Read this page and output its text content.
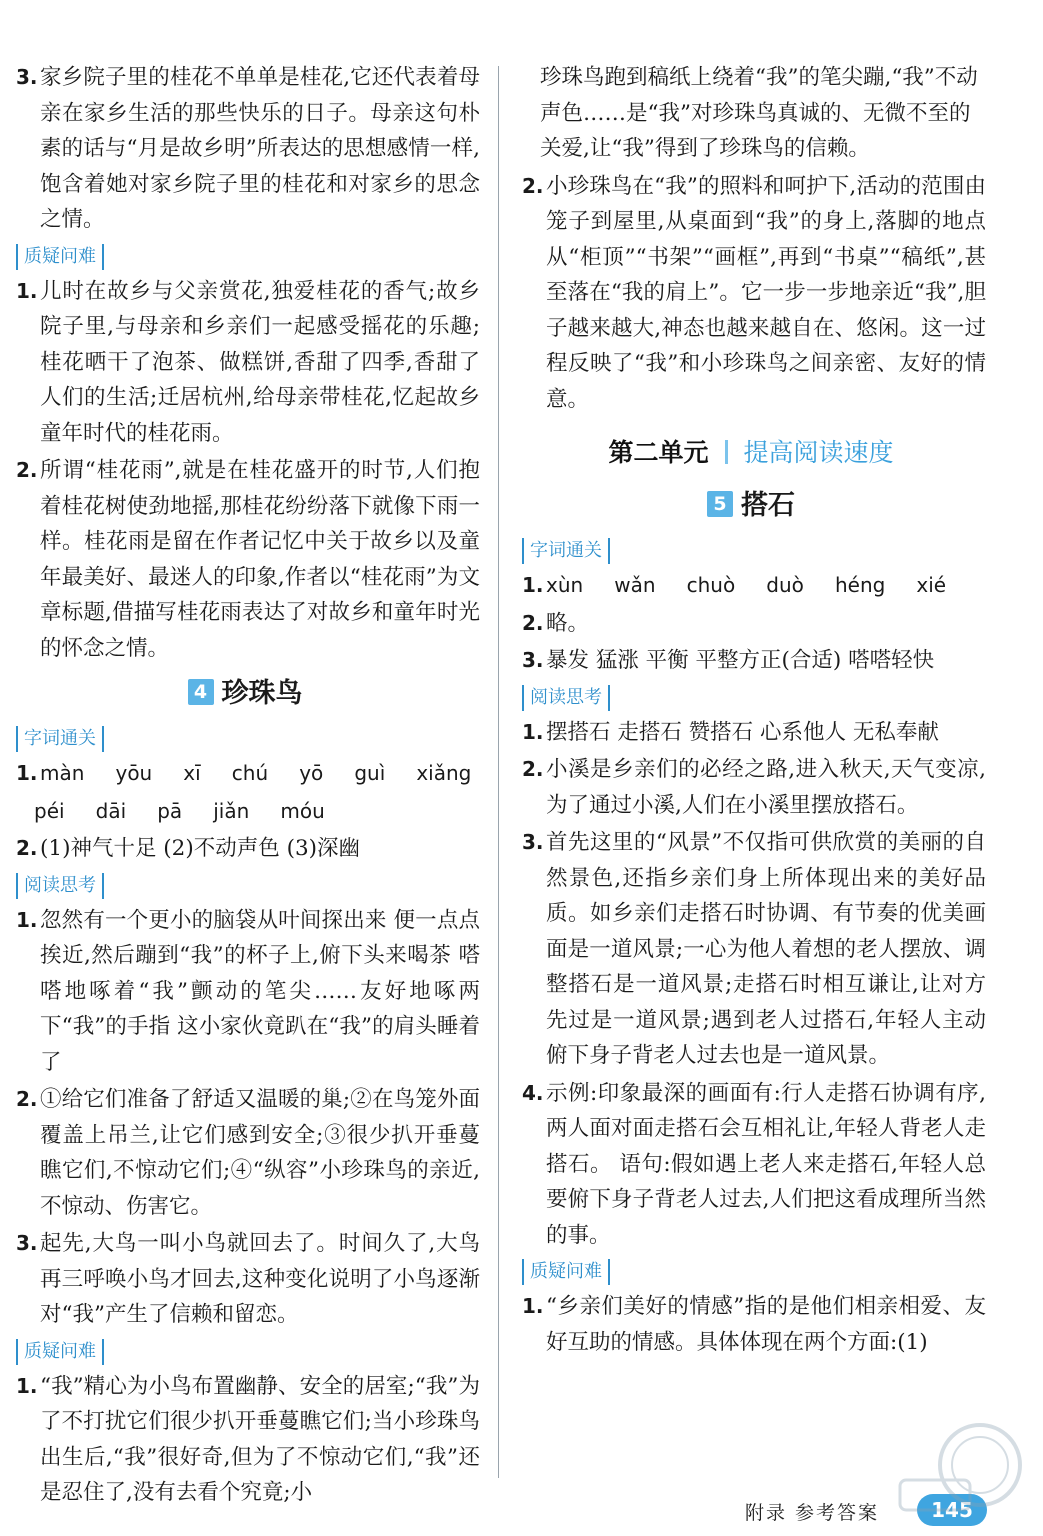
3. 家乡院子里的桂花不单单是桂花,它还代表着母亲在家乡生活的那些快乐的日子。母亲这句朴素的话与“月是故乡明”所表达的思想感情一样,饱含着她对家乡院子里的桂花和对家乡的思念之情。
质疑问难
1. 儿时在故乡与父亲赏花,独爱桂花的香气;故乡院子里,与母亲和乡亲们一起感受摇花的乐趣;桂花晒干了泡茶、做糕饼,香甜了四季,香甜了人们的生活;迁居杭州,给母亲带桂花,忆起故乡童年时代的桂花雨。
2. 所谓“桂花雨”,就是在桂花盛开的时节,人们抱着桂花树使劲地摇,那桂花纷纷落下就像下雨一样。桂花雨是留在作者记忆中关于故乡以及童年最美好、最迷人的印象,作者以“桂花雨”为文章标题,借描写桂花雨表达了对故乡和童年时光的怀念之情。
4 珍珠鸟
字词通关
1. màn   yōu   xī   chú   yō   guì   xiǎng
péi   dāi   pā   jiǎn   móu
2. (1)神气十足 (2)不动声色 (3)深幽
阅读思考
1. 忽然有一个更小的脑袋从叶间探出来 便一点点挨近,然后蹦到“我”的杯子上,俯下头来喝茶 嗒嗒地啄着“我”颤动的笔尖……友好地啄两下“我”的手指 这小家伙竟趴在“我”的肩头睡着了
2. ①给它们准备了舒适又温暖的巢;②在鸟笼外面覆盖上吊兰,让它们感到安全;③很少扒开垂蔓瞧它们,不惊动它们;④“纵容”小珍珠鸟的亲近,不惊动、伤害它。
3. 起先,大鸟一叫小鸟就回去了。时间久了,大鸟再三呼唤小鸟才回去,这种变化说明了小鸟逐渐对“我”产生了信赖和留恋。
质疑问难
1. “我”精心为小鸟布置幽静、安全的居室;“我”为了不打扰它们很少扒开垂蔓瞧它们;当小珍珠鸟出生后,“我”很好奇,但为了不惊动它们,“我”还是忍住了,没有去看个究竟;小
珍珠鸟跑到稿纸上绕着“我”的笔尖蹦,“我”不动声色……是“我”对珍珠鸟真诚的、无微不至的关爱,让“我”得到了珍珠鸟的信赖。
2. 小珍珠鸟在“我”的照料和呵护下,活动的范围由笼子到屋里,从桌面到“我”的身上,落脚的地点从“柜顶”“书架”“画框”,再到“书桌”“稿纸”,甚至落在“我的肩上”。它一步一步地亲近“我”,胆子越来越大,神态也越来越自在、悠闲。这一过程反映了“我”和小珍珠鸟之间亲密、友好的情意。
第二单元 提高阅读速度
5 搭石
字词通关
1. xùn   wǎn   chuò   duò   héng   xié
2. 略。
3. 暴发 猛涨 平衡 平整方正(合适) 嗒嗒轻快
阅读思考
1. 摆搭石 走搭石 赞搭石 心系他人 无私奉献
2. 小溪是乡亲们的必经之路,进入秋天,天气变凉,为了通过小溪,人们在小溪里摆放搭石。
3. 首先这里的“风景”不仅指可供欣赏的美丽的自然景色,还指乡亲们身上所体现出来的美好品质。如乡亲们走搭石时协调、有节奏的优美画面是一道风景;一心为他人着想的老人摆放、调整搭石是一道风景;走搭石时相互谦让,让对方先过是一道风景;遇到老人过搭石,年轻人主动俯下身子背老人过去也是一道风景。
4. 示例:印象最深的画面有:行人走搭石协调有序,两人面对面走搭石会互相礼让,年轻人背老人走搭石。 语句:假如遇上老人来走搭石,年轻人总要俯下身子背老人过去,人们把这看成理所当然的事。
质疑问难
1. “乡亲们美好的情感”指的是他们相亲相爱、友好互助的情感。具体体现在两个方面:(1)
附录 参考答案	145
